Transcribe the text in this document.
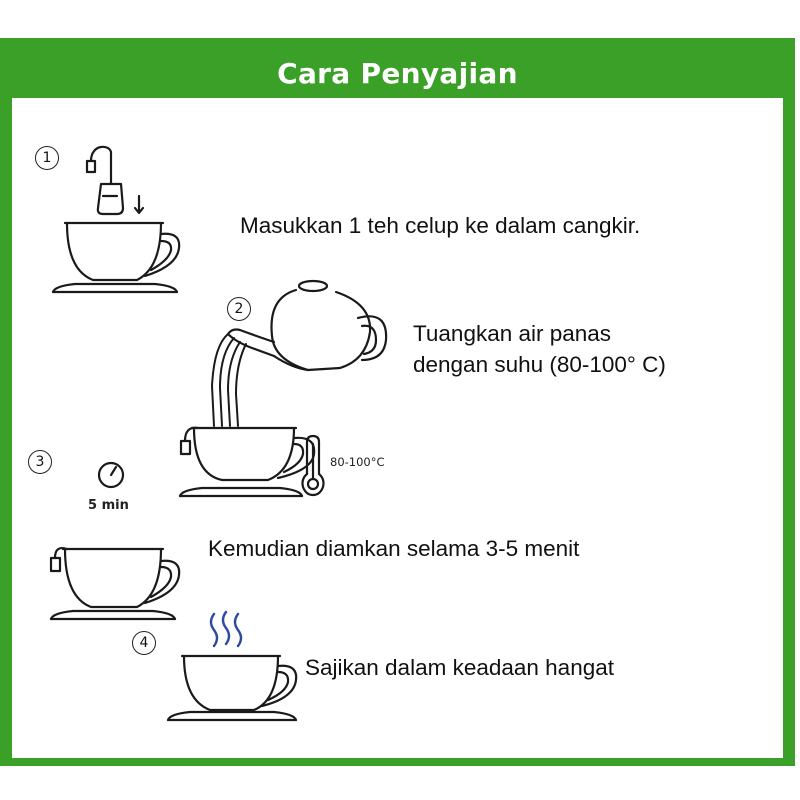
Cara Penyajian
1
Masukkan 1 teh celup ke dalam cangkir.
2
80-100°C
Tuangkan air panas
dengan suhu (80-100° C)
3
5 min
Kemudian diamkan selama 3-5 menit
4
Sajikan dalam keadaan hangat
